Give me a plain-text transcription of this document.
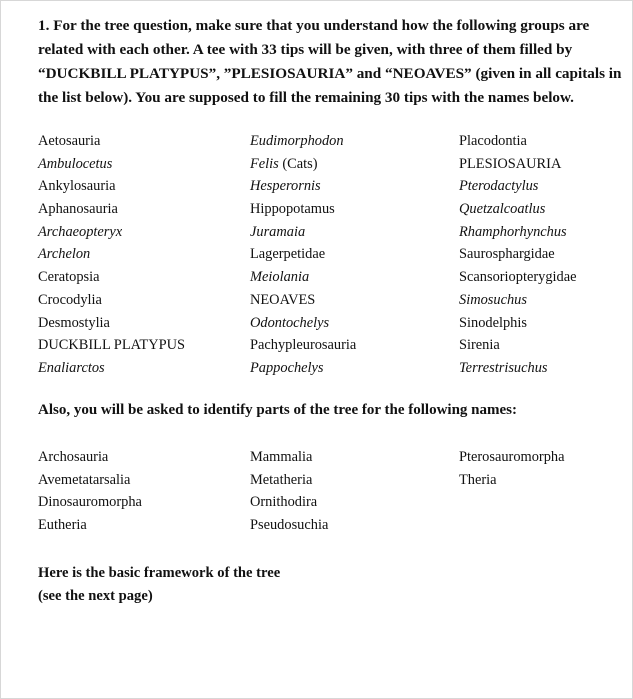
1. For the tree question, make sure that you understand how the following groups are related with each other. A tee with 33 tips will be given, with three of them filled by “DUCKBILL PLATYPUS”, ”PLESIOSAURIA” and “NEOAVES” (given in all capitals in the list below). You are supposed to fill the remaining 30 tips with the names below.

Aetosauria
Ambulocetus
Ankylosauria
Aphanosauria
Archaeopteryx
Archelon
Ceratopsia
Crocodylia
Desmostylia
DUCKBILL PLATYPUS
Enaliarctos
Eudimorphodon
Felis (Cats)
Hesperornis
Hippopotamus
Juramaia
Lagerpetidae
Meiolania
NEOAVES
Odontochelys
Pachypleurosauria
Pappochelys
Placodontia
PLESIOSAURIA
Pterodactylus
Quetzalcoatlus
Rhamphorhynchus
Saurosphargidae
Scansoriopterygidae
Simosuchus
Sinodelphis
Sirenia
Terrestrisuchus

Also, you will be asked to identify parts of the tree for the following names:

Archosauria
Avemetatarsalia
Dinosauromorpha
Eutheria
Mammalia
Metatheria
Ornithodira
Pseudosuchia
Pterosauromorpha
Theria

Here is the basic framework of the tree
(see the next page)
